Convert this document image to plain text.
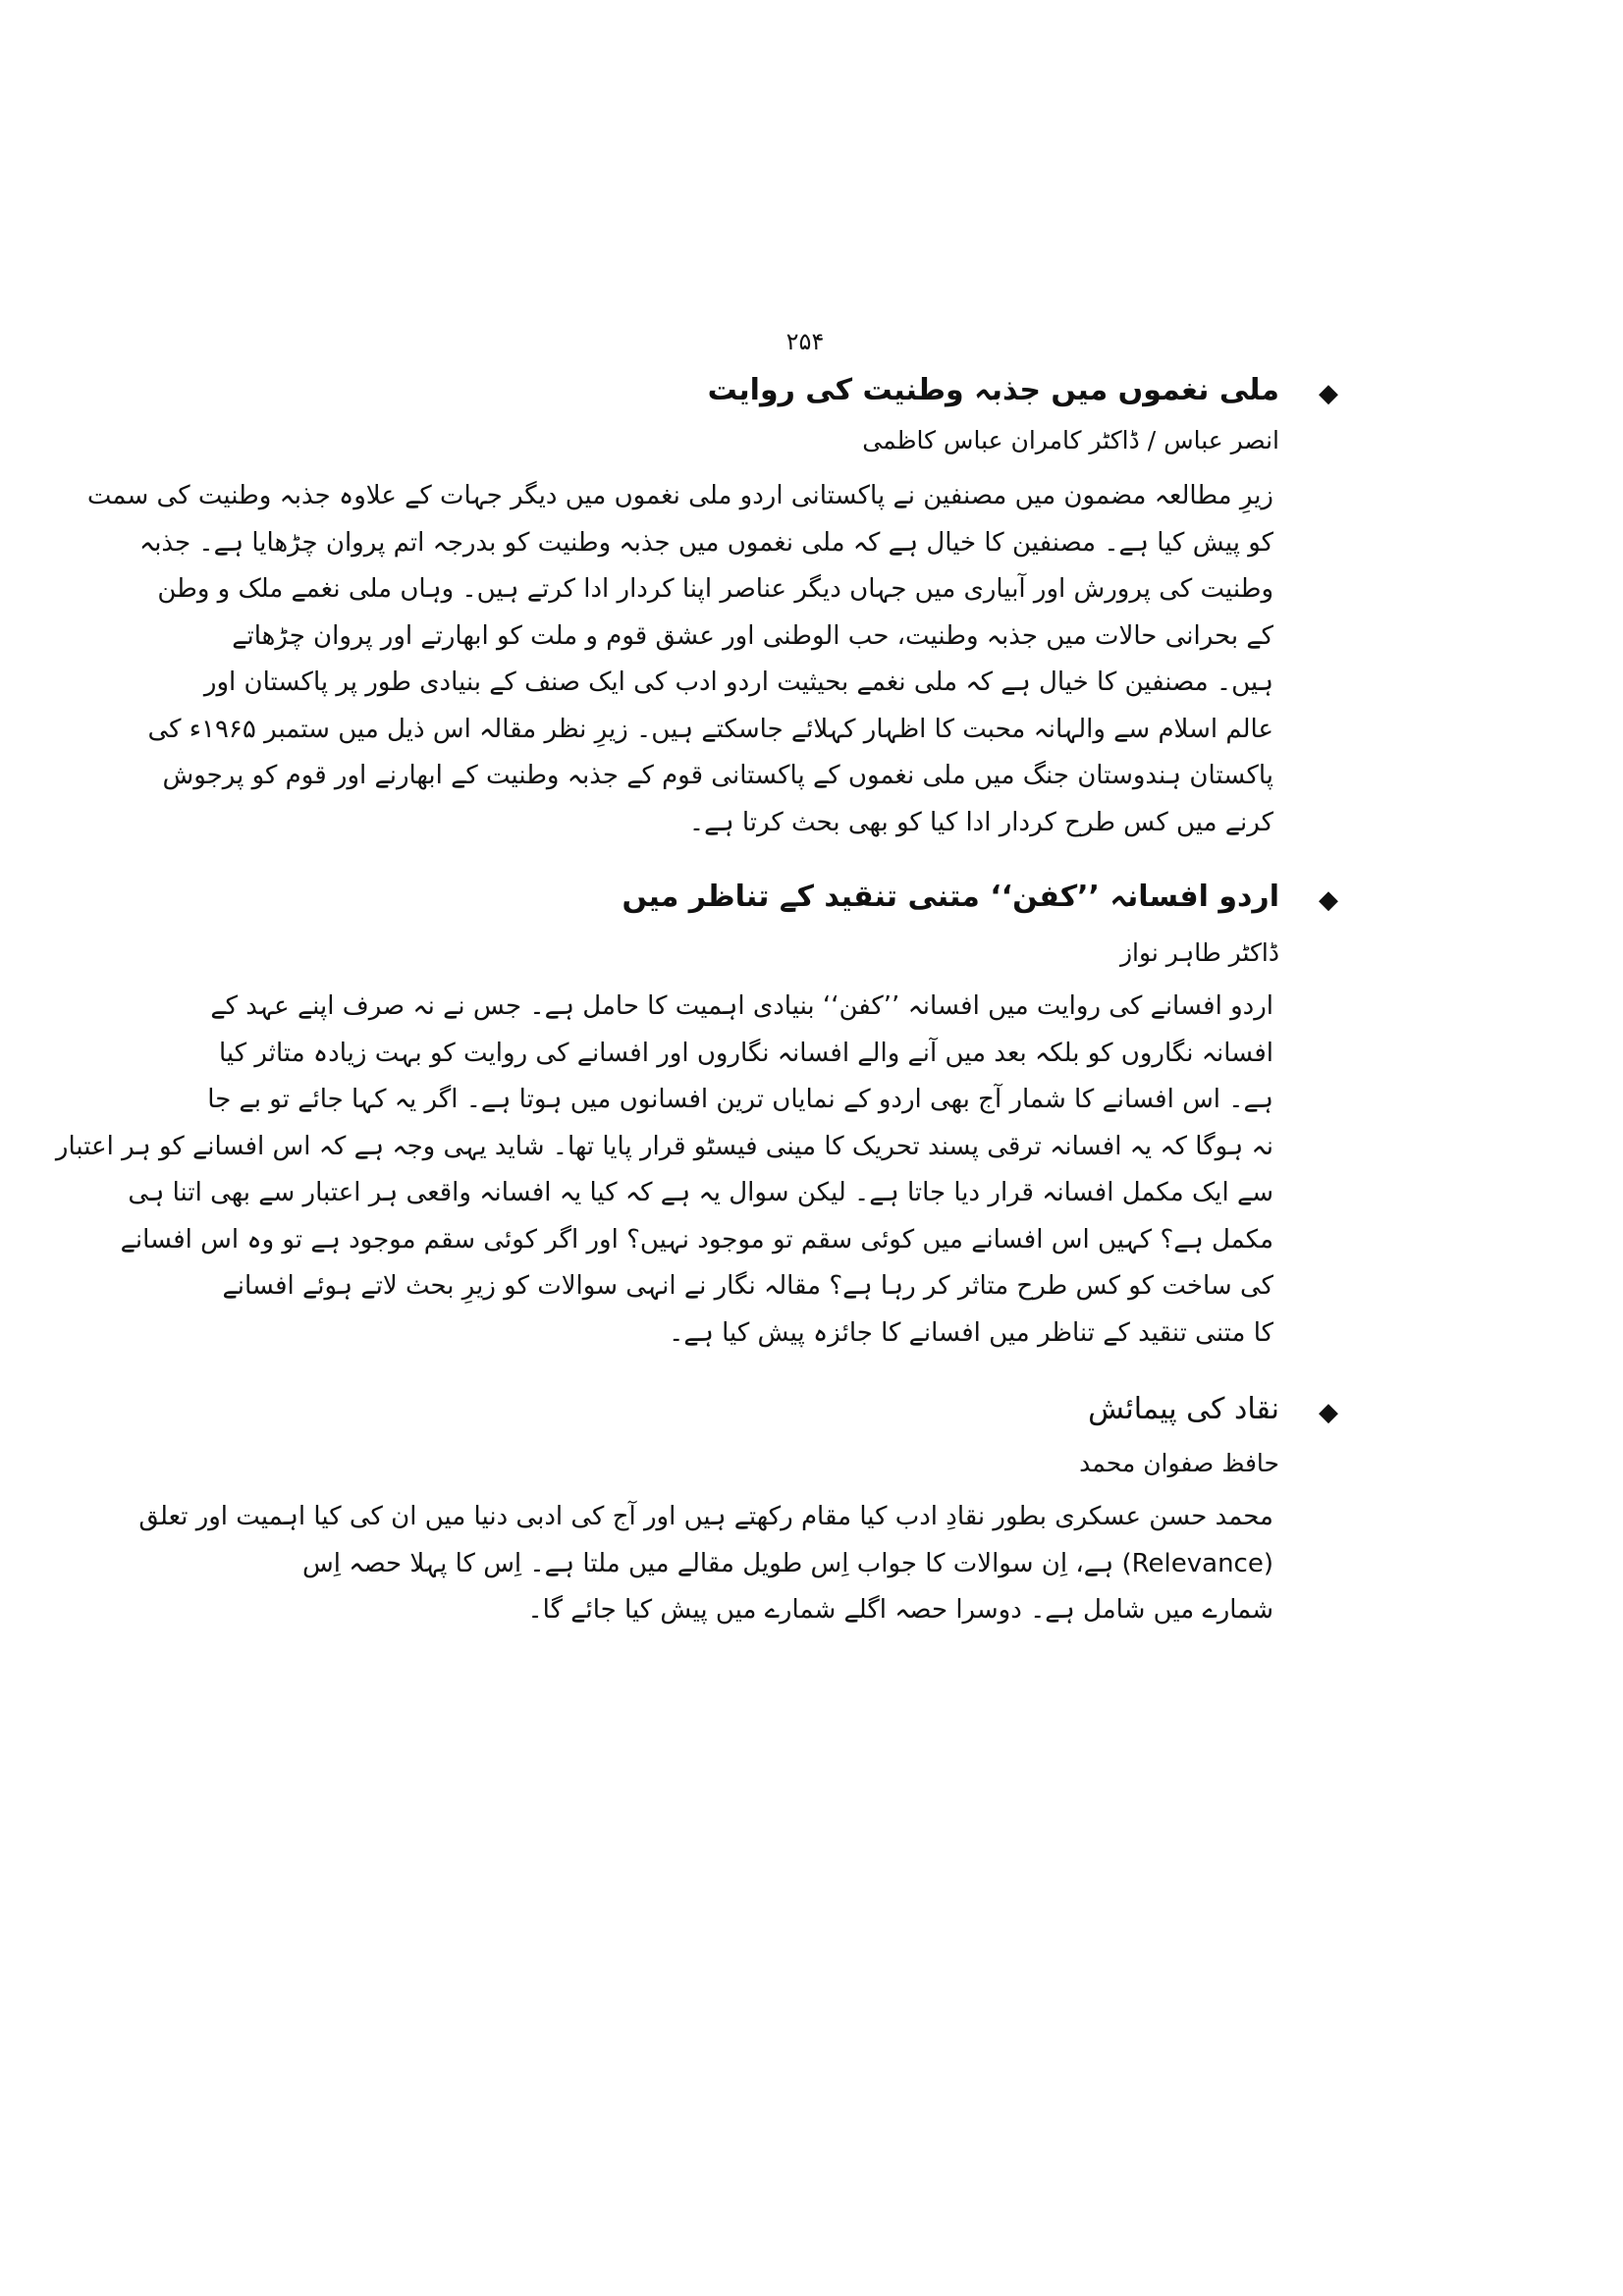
۲۵۴
◆
ملی نغموں میں جذبہ وطنیت کی روایت
انصر عباس / ڈاکٹر کامران عباس کاظمی
زیرِ مطالعہ مضمون میں مصنفین نے پاکستانی اردو ملی نغموں میں دیگر جہات کے علاوہ جذبہ وطنیت کی سمت
کو پیش کیا ہے۔ مصنفین کا خیال ہے کہ ملی نغموں میں جذبہ وطنیت کو بدرجہ اتم پروان چڑھایا ہے۔ جذبہ
وطنیت کی پرورش اور آبیاری میں جہاں دیگر عناصر اپنا کردار ادا کرتے ہیں۔ وہاں ملی نغمے ملک و وطن
کے بحرانی حالات میں جذبہ وطنیت، حب الوطنی اور عشق قوم و ملت کو ابھارتے اور پروان چڑھاتے
ہیں۔ مصنفین کا خیال ہے کہ ملی نغمے بحیثیت اردو ادب کی ایک صنف کے بنیادی طور پر پاکستان اور
عالم اسلام سے والہانہ محبت کا اظہار کہلائے جاسکتے ہیں۔ زیرِ نظر مقالہ اس ذیل میں ستمبر ۱۹۶۵ء کی
پاکستان ہندوستان جنگ میں ملی نغموں کے پاکستانی قوم کے جذبہ وطنیت کے ابھارنے اور قوم کو پرجوش
کرنے میں کس طرح کردار ادا کیا کو بھی بحث کرتا ہے۔
◆
اردو افسانہ ’’کفن‘‘ متنی تنقید کے تناظر میں
ڈاکٹر طاہر نواز
اردو افسانے کی روایت میں افسانہ ’’کفن‘‘ بنیادی اہمیت کا حامل ہے۔ جس نے نہ صرف اپنے عہد کے
افسانہ نگاروں کو بلکہ بعد میں آنے والے افسانہ نگاروں اور افسانے کی روایت کو بہت زیادہ متاثر کیا
ہے۔ اس افسانے کا شمار آج بھی اردو کے نمایاں ترین افسانوں میں ہوتا ہے۔ اگر یہ کہا جائے تو بے جا
نہ ہوگا کہ یہ افسانہ ترقی پسند تحریک کا مینی فیسٹو قرار پایا تھا۔ شاید یہی وجہ ہے کہ اس افسانے کو ہر اعتبار
سے ایک مکمل افسانہ قرار دیا جاتا ہے۔ لیکن سوال یہ ہے کہ کیا یہ افسانہ واقعی ہر اعتبار سے بھی اتنا ہی
مکمل ہے؟ کہیں اس افسانے میں کوئی سقم تو موجود نہیں؟ اور اگر کوئی سقم موجود ہے تو وہ اس افسانے
کی ساخت کو کس طرح متاثر کر رہا ہے؟ مقالہ نگار نے انہی سوالات کو زیرِ بحث لاتے ہوئے افسانے
کا متنی تنقید کے تناظر میں افسانے کا جائزہ پیش کیا ہے۔
◆
نقاد کی پیمائش
حافظ صفوان محمد
محمد حسن عسکری بطور نقادِ ادب کیا مقام رکھتے ہیں اور آج کی ادبی دنیا میں ان کی کیا اہمیت اور تعلق
(Relevance) ہے، اِن سوالات کا جواب اِس طویل مقالے میں ملتا ہے۔ اِس کا پہلا حصہ اِس
شمارے میں شامل ہے۔ دوسرا حصہ اگلے شمارے میں پیش کیا جائے گا۔
